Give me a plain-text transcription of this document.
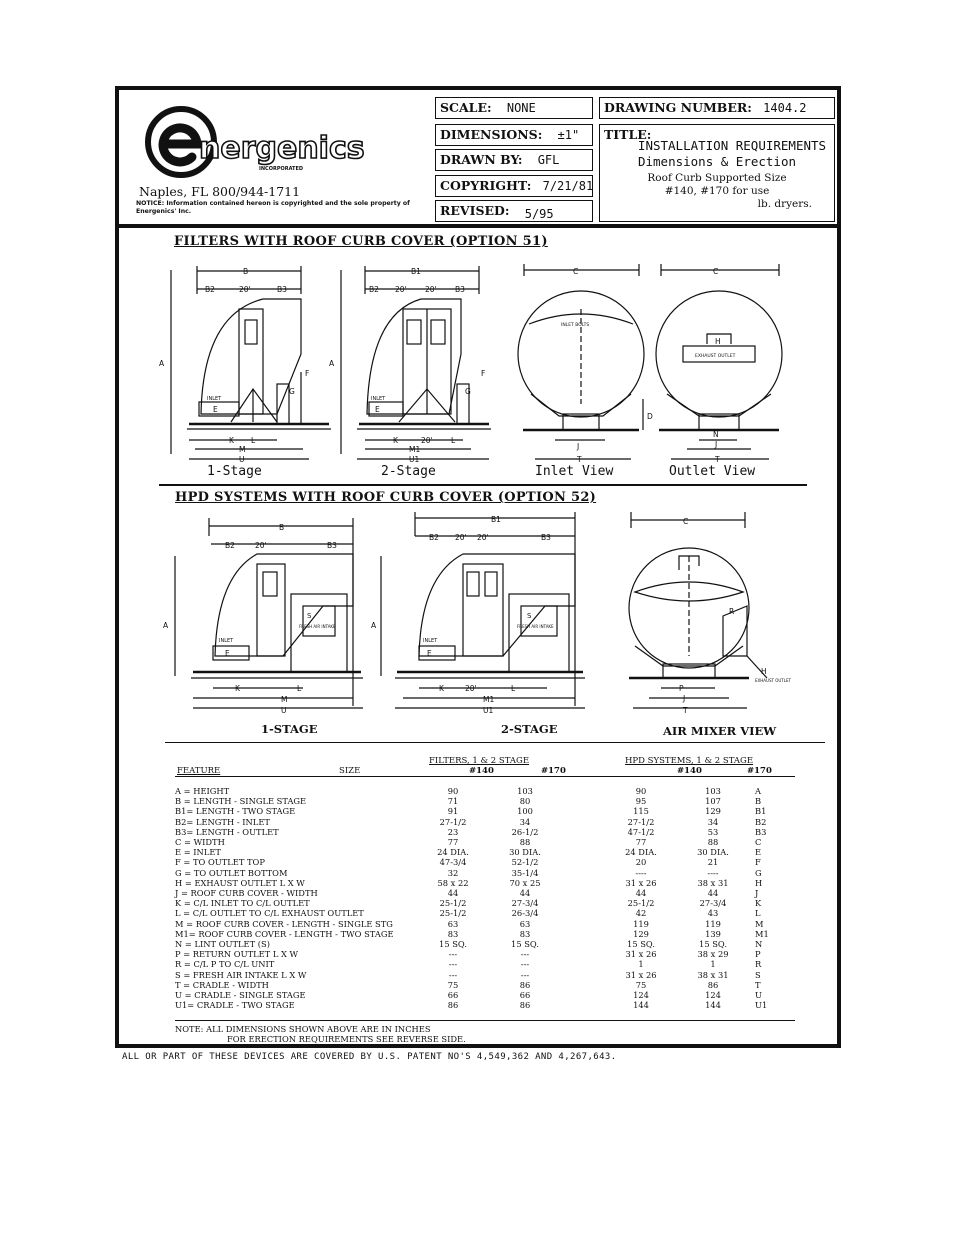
nergenics
INCORPORATED
Naples, FL 800/944-1711
NOTICE: Information contained hereon is copyrighted and the sole property of Energenics' Inc.
SCALE: NONE
DIMENSIONS: ±1"
DRAWN BY: GFL
COPYRIGHT: 7/21/81
REVISED: 5/95
DRAWING NUMBER: 1404.2
TITLE:
INSTALLATION REQUIREMENTS
Dimensions & Erection
Roof Curb Supported Size
#140, #170 for use
lb. dryers.
FILTERS WITH ROOF CURB COVER (OPTION 51)
B
B2	20'	B3
A
F
G
INLET
E
K L
M
U
B1
B2 20' 20' B3
A
F
G
INLET
E
K	20' L
M1
U1
C
INLET BOLTS
D
J
T
C
H
EXHAUST OUTLET
N
J
T
1-Stage	2-Stage	Inlet View	Outlet View
HPD SYSTEMS WITH ROOF CURB COVER (OPTION 52)
B
B2	20'	B3
A
S
FRESH AIR INTAKE
INLET
E
K	L
M
U
B1
B2 20' 20'	B3
A
S
FRESH AIR INTAKE
INLET
E
K	20'	L
M1
U1
C
R
H
EXHAUST OUTLET
P
J
T
1-STAGE	2-STAGE	AIR MIXER VIEW
FILTERS, 1 & 2 STAGE	HPD SYSTEMS, 1 & 2 STAGE
FEATURE	SIZE	#140	#170	#140	#170
A = HEIGHT	90	103		90	103	A
B = LENGTH - SINGLE STAGE	71	80		95	107	B
B1= LENGTH - TWO STAGE	91	100		115	129	B1
B2= LENGTH - INLET	27-1/2	34		27-1/2	34	B2
B3= LENGTH - OUTLET	23	26-1/2		47-1/2	53	B3
C = WIDTH	77	88		77	88	C
E = INLET	24 DIA.	30 DIA.		24 DIA.	30 DIA.	E
F = TO OUTLET TOP	47-3/4	52-1/2		20	21	F
G = TO OUTLET BOTTOM	32	35-1/4		----	----	G
H = EXHAUST OUTLET L X W	58 x 22	70 x 25		31 x 26	38 x 31	H
J = ROOF CURB COVER - WIDTH	44	44		44	44	J
K = C/L INLET TO C/L OUTLET	25-1/2	27-3/4		25-1/2	27-3/4	K
L = C/L OUTLET TO C/L EXHAUST OUTLET	25-1/2	26-3/4		42	43	L
M = ROOF CURB COVER - LENGTH - SINGLE STG	63	63		119	119	M
M1= ROOF CURB COVER - LENGTH - TWO STAGE	83	83		129	139	M1
N = LINT OUTLET (S)	15 SQ.	15 SQ.		15 SQ.	15 SQ.	N
P = RETURN OUTLET L X W	---	---		31 x 26	38 x 29	P
R = C/L P TO C/L UNIT	---	---		1	1	R
S = FRESH AIR INTAKE L X W	---	---		31 x 26	38 x 31	S
T = CRADLE - WIDTH	75	86		75	86	T
U = CRADLE - SINGLE STAGE	66	66		124	124	U
U1= CRADLE - TWO STAGE	86	86		144	144	U1
NOTE: ALL DIMENSIONS SHOWN ABOVE ARE IN INCHES
FOR ERECTION REQUIREMENTS SEE REVERSE SIDE.
ALL OR PART OF THESE DEVICES ARE COVERED BY U.S. PATENT NO'S 4,549,362 AND 4,267,643.
